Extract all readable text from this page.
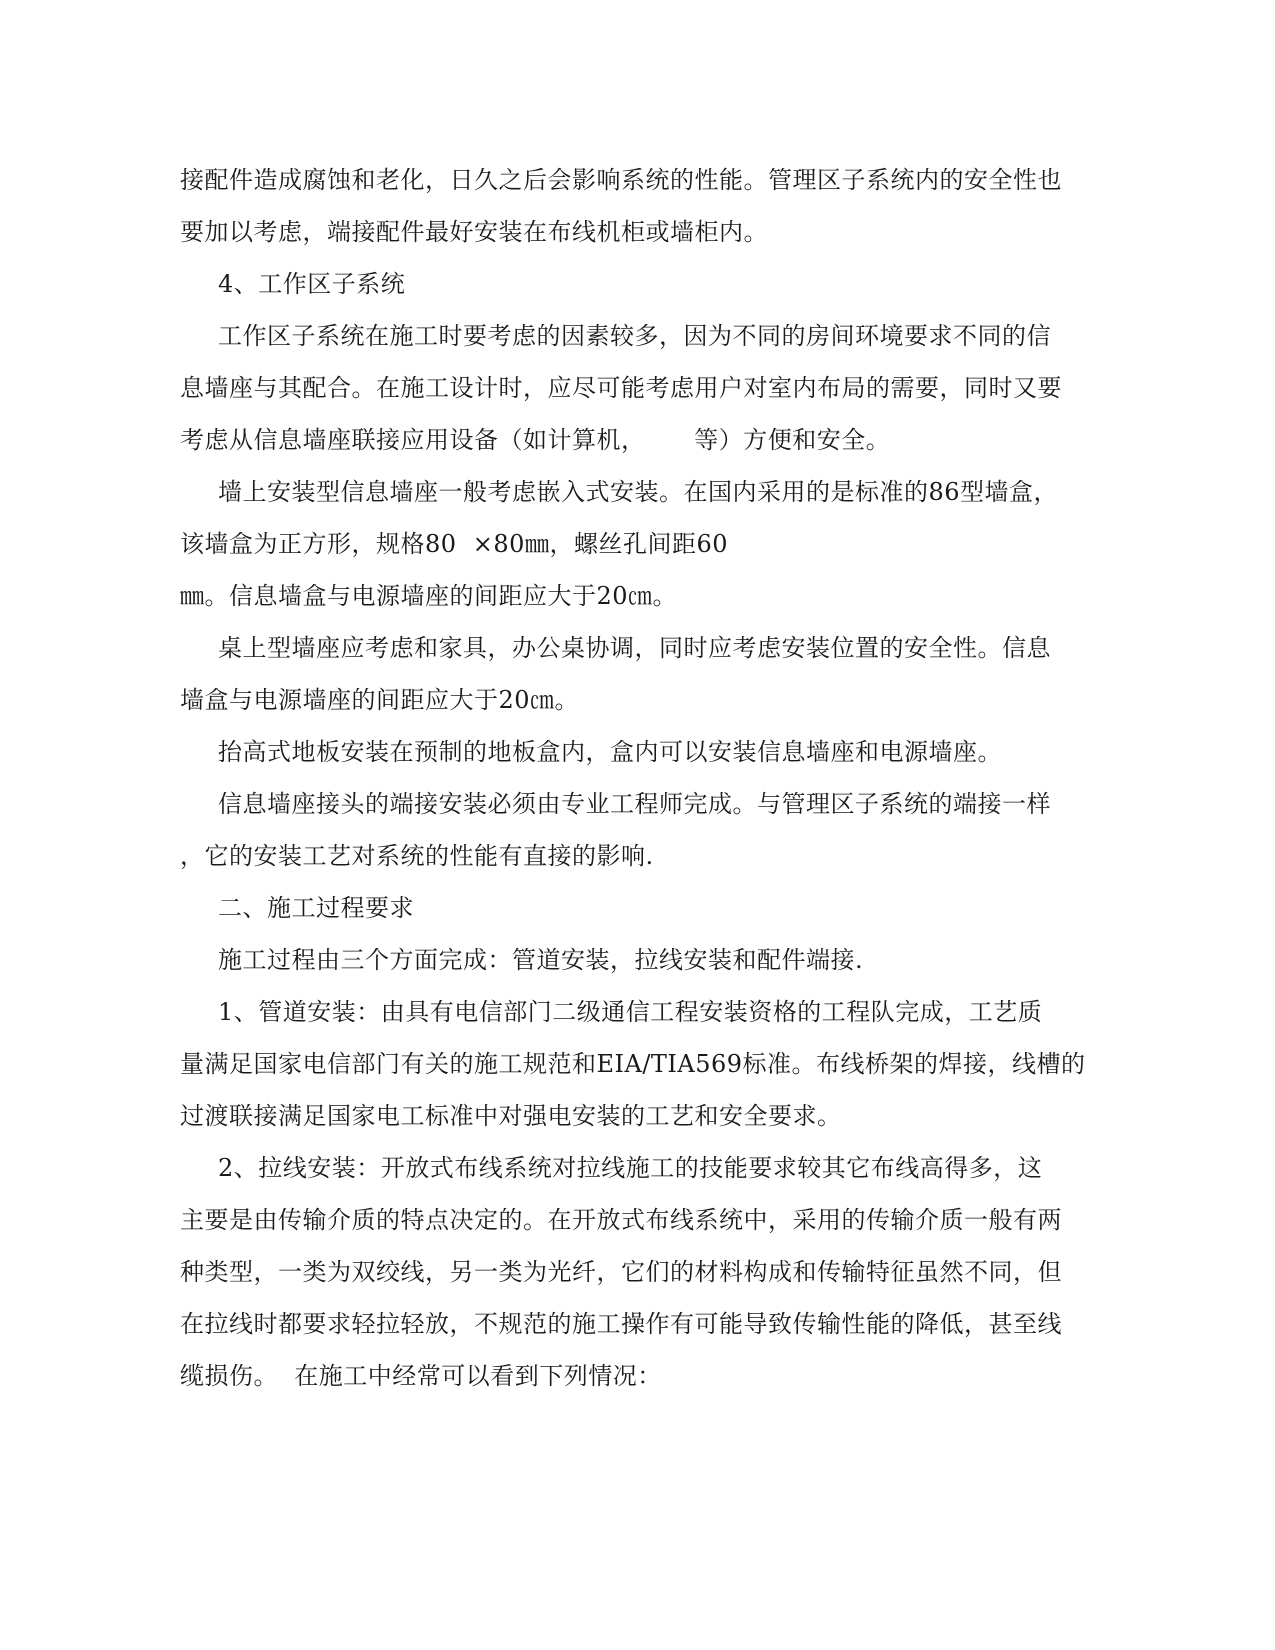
接配件造成腐蚀和老化，日久之后会影响系统的性能。管理区子系统内的安全性也
要加以考虑，端接配件最好安装在布线机柜或墙柜内。
4、工作区子系统
工作区子系统在施工时要考虑的因素较多，因为不同的房间环境要求不同的信
息墙座与其配合。在施工设计时，应尽可能考虑用户对室内布局的需要，同时又要
考虑从信息墙座联接应用设备（如计算机，      等）方便和安全。
墙上安装型信息墙座一般考虑嵌入式安装。在国内采用的是标准的86型墙盒，
该墙盒为正方形，规格80  ×80㎜，螺丝孔间距60
㎜。信息墙盒与电源墙座的间距应大于20㎝。
桌上型墙座应考虑和家具，办公桌协调，同时应考虑安装位置的安全性。信息
墙盒与电源墙座的间距应大于20㎝。
抬高式地板安装在预制的地板盒内，盒内可以安装信息墙座和电源墙座。
信息墙座接头的端接安装必须由专业工程师完成。与管理区子系统的端接一样
，它的安装工艺对系统的性能有直接的影响.
二、施工过程要求
施工过程由三个方面完成：管道安装，拉线安装和配件端接.
1、管道安装：由具有电信部门二级通信工程安装资格的工程队完成，工艺质
量满足国家电信部门有关的施工规范和EIA/TIA569标准。布线桥架的焊接，线槽的
过渡联接满足国家电工标准中对强电安装的工艺和安全要求。
2、拉线安装：开放式布线系统对拉线施工的技能要求较其它布线高得多，这
主要是由传输介质的特点决定的。在开放式布线系统中，采用的传输介质一般有两
种类型，一类为双绞线，另一类为光纤，它们的材料构成和传输特征虽然不同，但
在拉线时都要求轻拉轻放，不规范的施工操作有可能导致传输性能的降低，甚至线
缆损伤。  在施工中经常可以看到下列情况：
